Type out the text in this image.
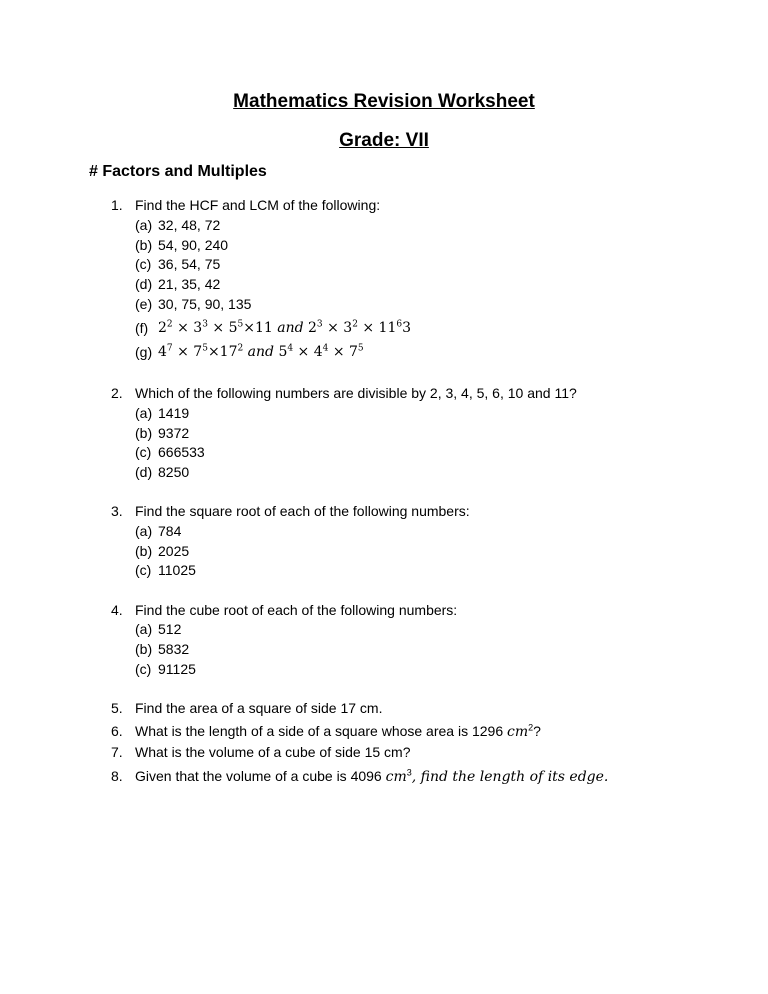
Mathematics Revision Worksheet
Grade: VII
# Factors and Multiples
1. Find the HCF and LCM of the following:
(a) 32, 48, 72
(b) 54, 90, 240
(c) 36, 54, 75
(d) 21, 35, 42
(e) 30, 75, 90, 135
(f) $2^2 \times 3^3 \times 5^5\times 11$ and $2^3 \times 3^2 \times 11^63$
(g) $4^7 \times 7^5\times 17^2$ and $5^4 \times 4^4 \times 7^5$
2. Which of the following numbers are divisible by 2, 3, 4, 5, 6, 10 and 11?
(a) 1419
(b) 9372
(c) 666533
(d) 8250
3. Find the square root of each of the following numbers:
(a) 784
(b) 2025
(c) 11025
4. Find the cube root of each of the following numbers:
(a) 512
(b) 5832
(c) 91125
5. Find the area of a square of side 17 cm.
6. What is the length of a side of a square whose area is 1296 $cm^2$?
7. What is the volume of a cube of side 15 cm?
8. Given that the volume of a cube is 4096 $cm^3$, find the length of its edge.
